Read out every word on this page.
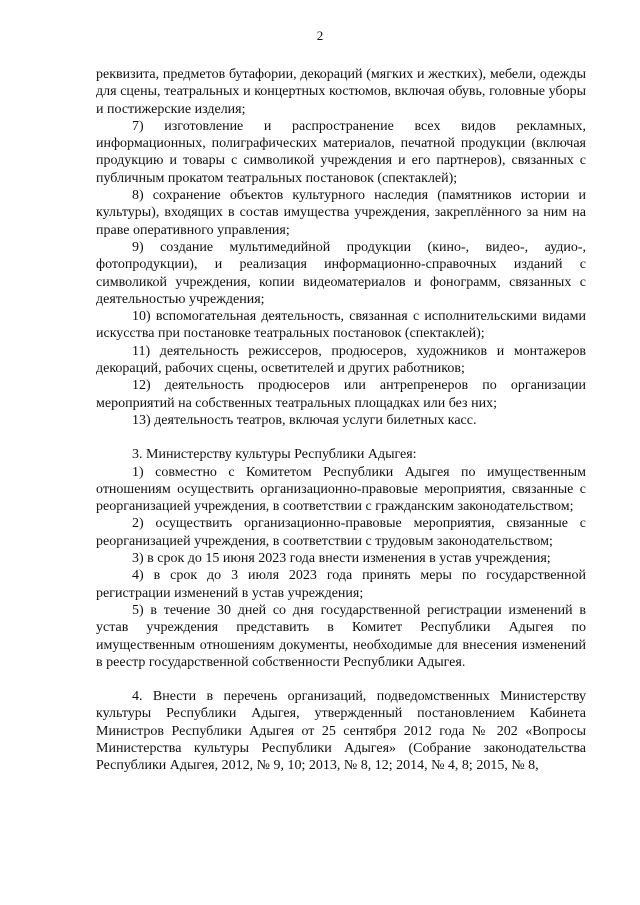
2

реквизита, предметов бутафории, декораций (мягких и жестких), мебели, одежды для сцены, театральных и концертных костюмов, включая обувь, головные уборы и постижерские изделия;

7) изготовление и распространение всех видов рекламных, информационных, полиграфических материалов, печатной продукции (включая продукцию и товары с символикой учреждения и его партнеров), связанных с публичным прокатом театральных постановок (спектаклей);

8) сохранение объектов культурного наследия (памятников истории и культуры), входящих в состав имущества учреждения, закреплённого за ним на праве оперативного управления;

9) создание мультимедийной продукции (кино-, видео-, аудио-, фотопродукции), и реализация информационно-справочных изданий с символикой учреждения, копии видеоматериалов и фонограмм, связанных с деятельностью учреждения;

10) вспомогательная деятельность, связанная с исполнительскими видами искусства при постановке театральных постановок (спектаклей);

11) деятельность режиссеров, продюсеров, художников и монтажеров декораций, рабочих сцены, осветителей и других работников;

12) деятельность продюсеров или антрепренеров по организации мероприятий на собственных театральных площадках или без них;

13) деятельность театров, включая услуги билетных касс.

3. Министерству культуры Республики Адыгея:

1) совместно с Комитетом Республики Адыгея по имущественным отношениям осуществить организационно-правовые мероприятия, связанные с реорганизацией учреждения, в соответствии с гражданским законодательством;

2) осуществить организационно-правовые мероприятия, связанные с реорганизацией учреждения, в соответствии с трудовым законодательством;

3) в срок до 15 июня 2023 года внести изменения в устав учреждения;

4) в срок до 3 июля 2023 года принять меры по государственной регистрации изменений в устав учреждения;

5) в течение 30 дней со дня государственной регистрации изменений в устав учреждения представить в Комитет Республики Адыгея по имущественным отношениям документы, необходимые для внесения изменений в реестр государственной собственности Республики Адыгея.

4. Внести в перечень организаций, подведомственных Министерству культуры Республики Адыгея, утвержденный постановлением Кабинета Министров Республики Адыгея от 25 сентября 2012 года № 202 «Вопросы Министерства культуры Республики Адыгея» (Собрание законодательства Республики Адыгея, 2012, № 9, 10; 2013, № 8, 12; 2014, № 4, 8; 2015, № 8,
